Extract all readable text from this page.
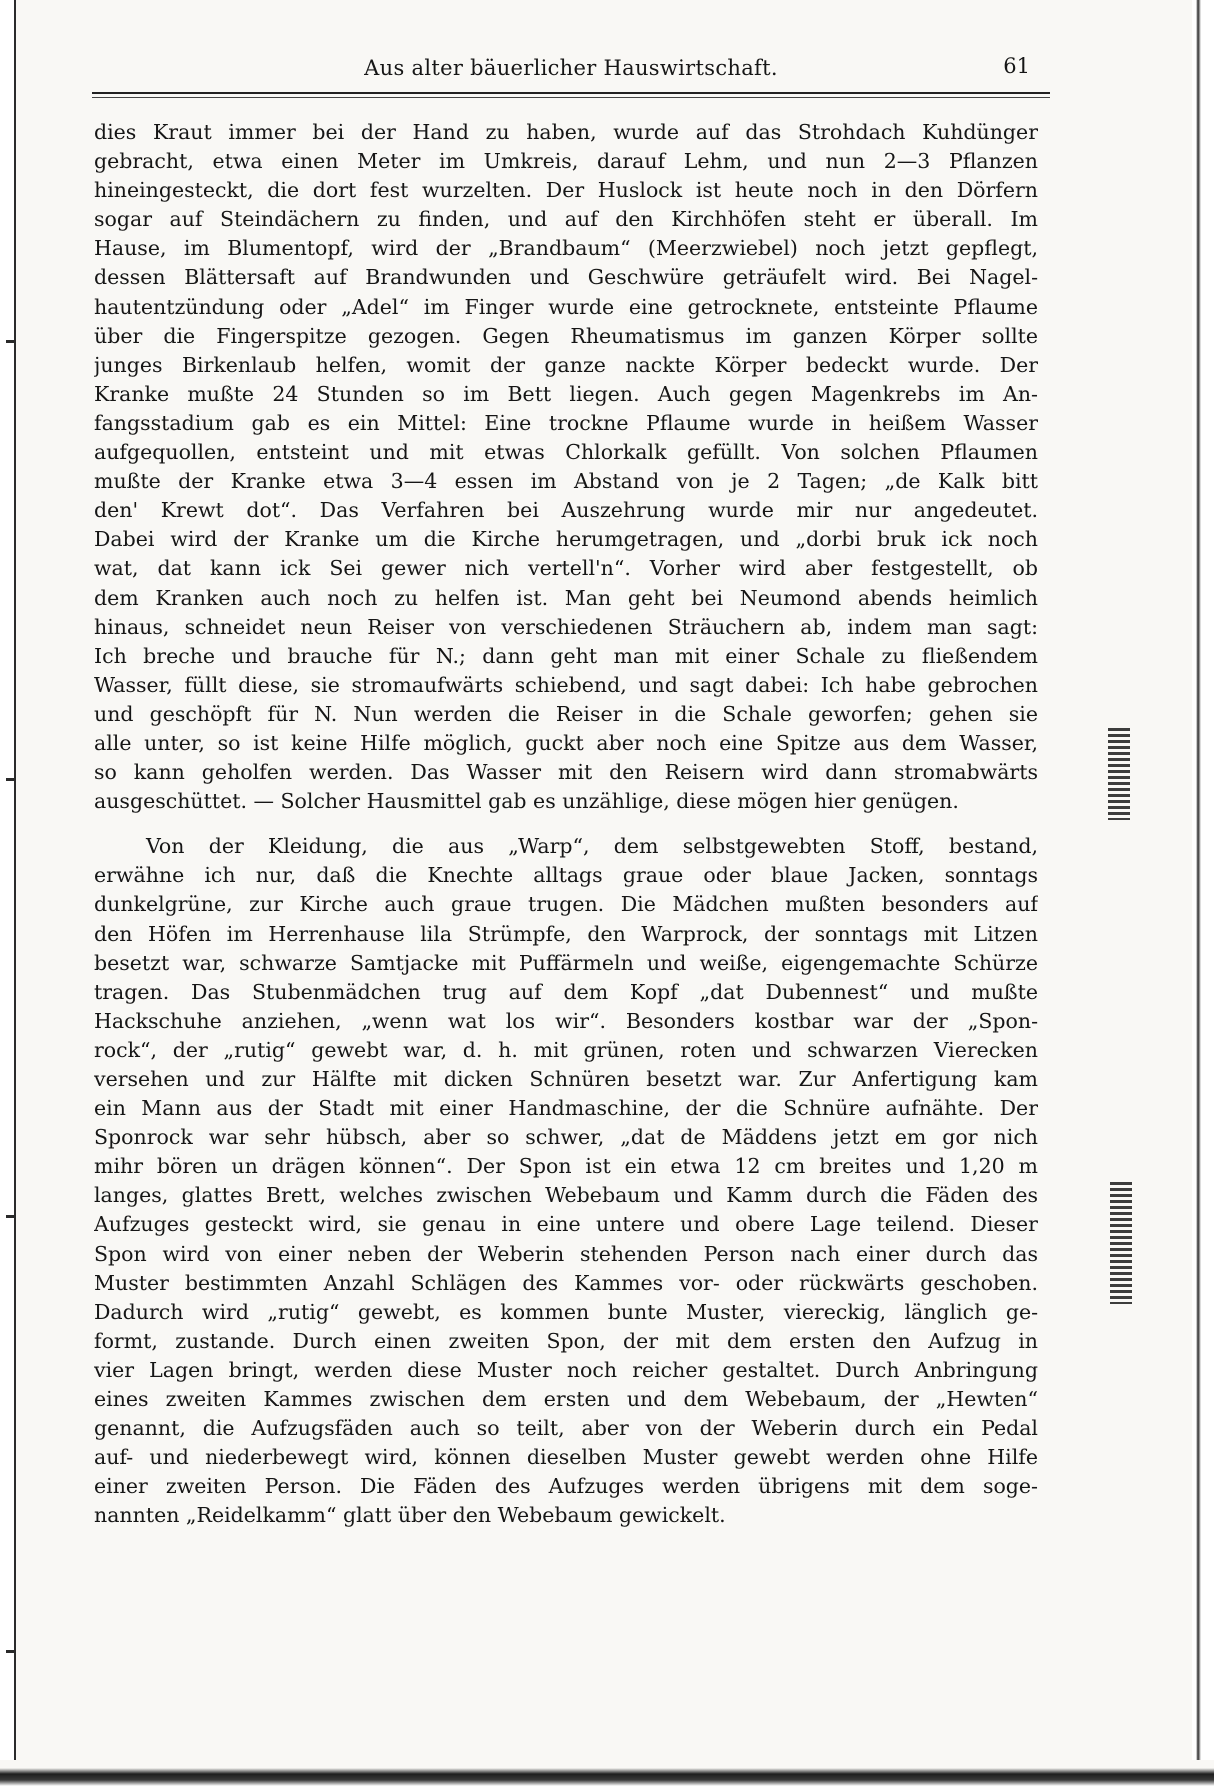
Aus alter bäuerlicher Hauswirtschaft.	61
dies Kraut immer bei der Hand zu haben, wurde auf das Strohdach Kuhdünger
gebracht, etwa einen Meter im Umkreis, darauf Lehm, und nun 2—3 Pflanzen
hineingesteckt, die dort fest wurzelten. Der Huslock ist heute noch in den Dörfern
sogar auf Steindächern zu finden, und auf den Kirchhöfen steht er überall. Im
Hause, im Blumentopf, wird der „Brandbaum“ (Meerzwiebel) noch jetzt gepflegt,
dessen Blättersaft auf Brandwunden und Geschwüre geträufelt wird. Bei Nagel-
hautentzündung oder „Adel“ im Finger wurde eine getrocknete, entsteinte Pflaume
über die Fingerspitze gezogen. Gegen Rheumatismus im ganzen Körper sollte
junges Birkenlaub helfen, womit der ganze nackte Körper bedeckt wurde. Der
Kranke mußte 24 Stunden so im Bett liegen. Auch gegen Magenkrebs im An-
fangsstadium gab es ein Mittel: Eine trockne Pflaume wurde in heißem Wasser
aufgequollen, entsteint und mit etwas Chlorkalk gefüllt. Von solchen Pflaumen
mußte der Kranke etwa 3—4 essen im Abstand von je 2 Tagen; „de Kalk bitt
den' Krewt dot“. Das Verfahren bei Auszehrung wurde mir nur angedeutet.
Dabei wird der Kranke um die Kirche herumgetragen, und „dorbi bruk ick noch
wat, dat kann ick Sei gewer nich vertell'n“. Vorher wird aber festgestellt, ob
dem Kranken auch noch zu helfen ist. Man geht bei Neumond abends heimlich
hinaus, schneidet neun Reiser von verschiedenen Sträuchern ab, indem man sagt:
Ich breche und brauche für N.; dann geht man mit einer Schale zu fließendem
Wasser, füllt diese, sie stromaufwärts schiebend, und sagt dabei: Ich habe gebrochen
und geschöpft für N. Nun werden die Reiser in die Schale geworfen; gehen sie
alle unter, so ist keine Hilfe möglich, guckt aber noch eine Spitze aus dem Wasser,
so kann geholfen werden. Das Wasser mit den Reisern wird dann stromabwärts
ausgeschüttet. — Solcher Hausmittel gab es unzählige, diese mögen hier genügen.
Von der Kleidung, die aus „Warp“, dem selbstgewebten Stoff, bestand,
erwähne ich nur, daß die Knechte alltags graue oder blaue Jacken, sonntags
dunkelgrüne, zur Kirche auch graue trugen. Die Mädchen mußten besonders auf
den Höfen im Herrenhause lila Strümpfe, den Warprock, der sonntags mit Litzen
besetzt war, schwarze Samtjacke mit Puffärmeln und weiße, eigengemachte Schürze
tragen. Das Stubenmädchen trug auf dem Kopf „dat Dubennest“ und mußte
Hackschuhe anziehen, „wenn wat los wir“. Besonders kostbar war der „Spon-
rock“, der „rutig“ gewebt war, d. h. mit grünen, roten und schwarzen Vierecken
versehen und zur Hälfte mit dicken Schnüren besetzt war. Zur Anfertigung kam
ein Mann aus der Stadt mit einer Handmaschine, der die Schnüre aufnähte. Der
Sponrock war sehr hübsch, aber so schwer, „dat de Mäddens jetzt em gor nich
mihr bören un drägen können“. Der Spon ist ein etwa 12 cm breites und 1,20 m
langes, glattes Brett, welches zwischen Webebaum und Kamm durch die Fäden des
Aufzuges gesteckt wird, sie genau in eine untere und obere Lage teilend. Dieser
Spon wird von einer neben der Weberin stehenden Person nach einer durch das
Muster bestimmten Anzahl Schlägen des Kammes vor- oder rückwärts geschoben.
Dadurch wird „rutig“ gewebt, es kommen bunte Muster, viereckig, länglich ge-
formt, zustande. Durch einen zweiten Spon, der mit dem ersten den Aufzug in
vier Lagen bringt, werden diese Muster noch reicher gestaltet. Durch Anbringung
eines zweiten Kammes zwischen dem ersten und dem Webebaum, der „Hewten“
genannt, die Aufzugsfäden auch so teilt, aber von der Weberin durch ein Pedal
auf- und niederbewegt wird, können dieselben Muster gewebt werden ohne Hilfe
einer zweiten Person. Die Fäden des Aufzuges werden übrigens mit dem soge-
nannten „Reidelkamm“ glatt über den Webebaum gewickelt.
